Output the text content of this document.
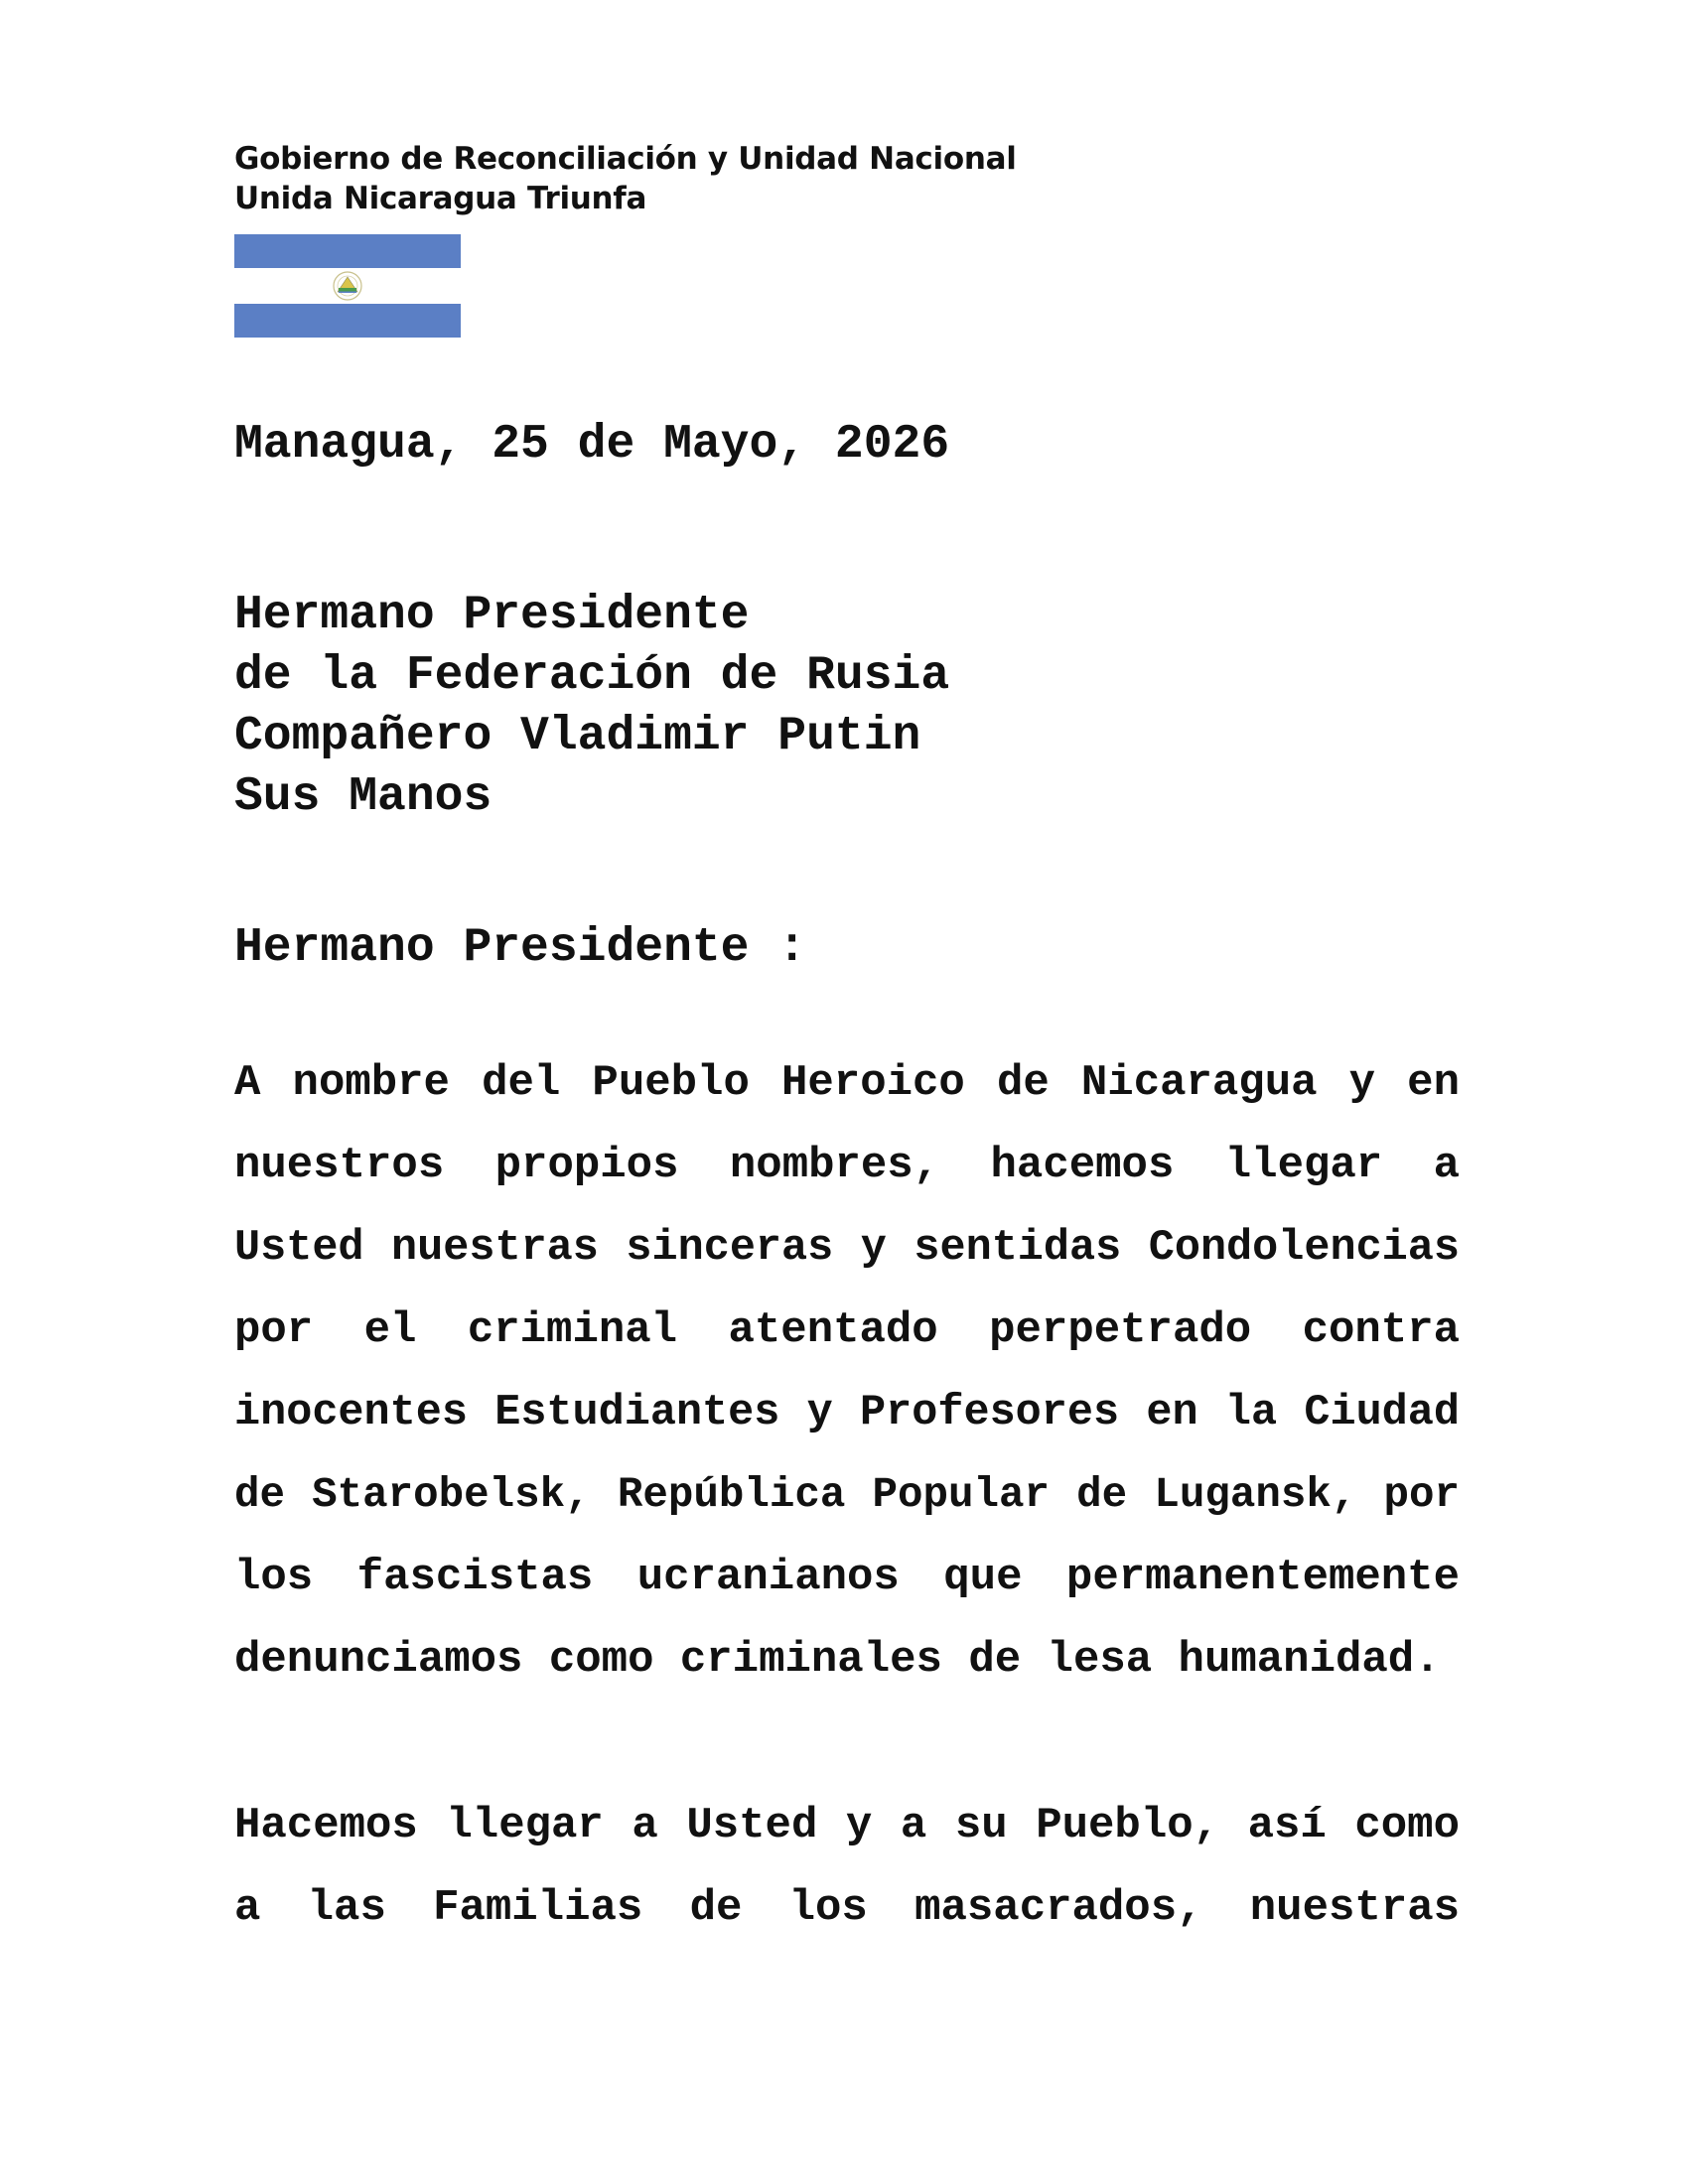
Gobierno de Reconciliación y Unidad Nacional
Unida Nicaragua Triunfa
Managua, 25 de Mayo, 2026
Hermano Presidente
de la Federación de Rusia
Compañero Vladimir Putin
Sus Manos
Hermano Presidente :
A nombre del Pueblo Heroico de Nicaragua y en
nuestros propios nombres, hacemos llegar a
Usted nuestras sinceras y sentidas Condolencias
por el criminal atentado perpetrado contra
inocentes Estudiantes y Profesores en la Ciudad
de Starobelsk, República Popular de Lugansk, por
los fascistas ucranianos que permanentemente
denunciamos como criminales de lesa humanidad.
Hacemos llegar a Usted y a su Pueblo, así como
a las Familias de los masacrados, nuestras
